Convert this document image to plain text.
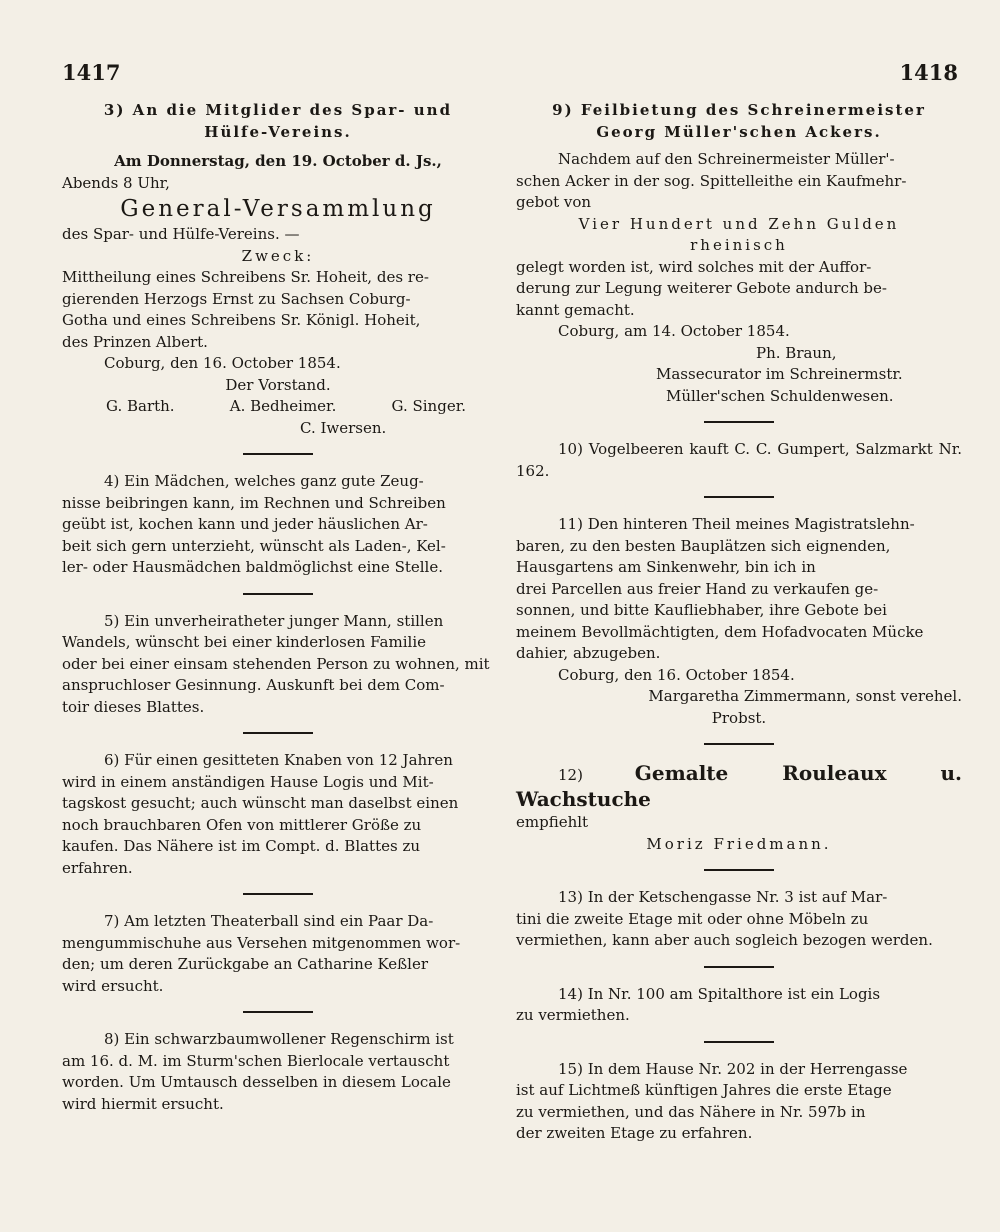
1417	1418

3) An die Mitglider des Spar- und

Hülfe-Vereins.

Am Donnerstag, den 19. October d. Js.,

Abends 8 Uhr,

General-Versammlung

des Spar- und Hülfe-Vereins. —

Zweck:

Mittheilung eines Schreibens Sr. Hoheit, des re-

gierenden Herzogs Ernst zu Sachsen Coburg-

Gotha und eines Schreibens Sr. Königl. Hoheit,

des Prinzen Albert.

Coburg, den 16. October 1854.

Der Vorstand.

G. Barth.	A. Bedheimer.	G. Singer.

C. Iwersen.

4) Ein Mädchen, welches ganz gute Zeug-

nisse beibringen kann, im Rechnen und Schreiben

geübt ist, kochen kann und jeder häuslichen Ar-

beit sich gern unterzieht, wünscht als Laden-, Kel-

ler- oder Hausmädchen baldmöglichst eine Stelle.

5) Ein unverheiratheter junger Mann, stillen

Wandels, wünscht bei einer kinderlosen Familie

oder bei einer einsam stehenden Person zu wohnen, mit

anspruchloser Gesinnung. Auskunft bei dem Com-

toir dieses Blattes.

6) Für einen gesitteten Knaben von 12 Jahren

wird in einem anständigen Hause Logis und Mit-

tagskost gesucht; auch wünscht man daselbst einen

noch brauchbaren Ofen von mittlerer Größe zu

kaufen. Das Nähere ist im Compt. d. Blattes zu

erfahren.

7) Am letzten Theaterball sind ein Paar Da-

mengummischuhe aus Versehen mitgenommen wor-

den; um deren Zurückgabe an Catharine Keßler

wird ersucht.

8) Ein schwarzbaumwollener Regenschirm ist

am 16. d. M. im Sturm'schen Bierlocale vertauscht

worden. Um Umtausch desselben in diesem Locale

wird hiermit ersucht.

9) Feilbietung des Schreinermeister

Georg Müller'schen Ackers.

Nachdem auf den Schreinermeister Müller'-

schen Acker in der sog. Spittelleithe ein Kaufmehr-

gebot von

Vier Hundert und Zehn Gulden

rheinisch

gelegt worden ist, wird solches mit der Auffor-

derung zur Legung weiterer Gebote andurch be-

kannt gemacht.

Coburg, am 14. October 1854.

Ph. Braun,

Massecurator im Schreinermstr.

Müller'schen Schuldenwesen.

10) Vogelbeeren kauft C. C. Gumpert, Salzmarkt Nr. 162.

11) Den hinteren Theil meines Magistratslehn-

baren, zu den besten Bauplätzen sich eignenden,

Hausgartens am Sinkenwehr, bin ich in

drei Parcellen aus freier Hand zu verkaufen ge-

sonnen, und bitte Kaufliebhaber, ihre Gebote bei

meinem Bevollmächtigten, dem Hofadvocaten Mücke

dahier, abzugeben.

Coburg, den 16. October 1854.

Margaretha Zimmermann, sonst verehel.

Probst.

12)	Gemalte Rouleaux u. Wachstuche

empfiehlt

Moriz Friedmann.

13) In der Ketschengasse Nr. 3 ist auf Mar-

tini die zweite Etage mit oder ohne Möbeln zu

vermiethen, kann aber auch sogleich bezogen werden.

14) In Nr. 100 am Spitalthore ist ein Logis

zu vermiethen.

15) In dem Hause Nr. 202 in der Herrengasse

ist auf Lichtmeß künftigen Jahres die erste Etage

zu vermiethen, und das Nähere in Nr. 597b in

der zweiten Etage zu erfahren.
